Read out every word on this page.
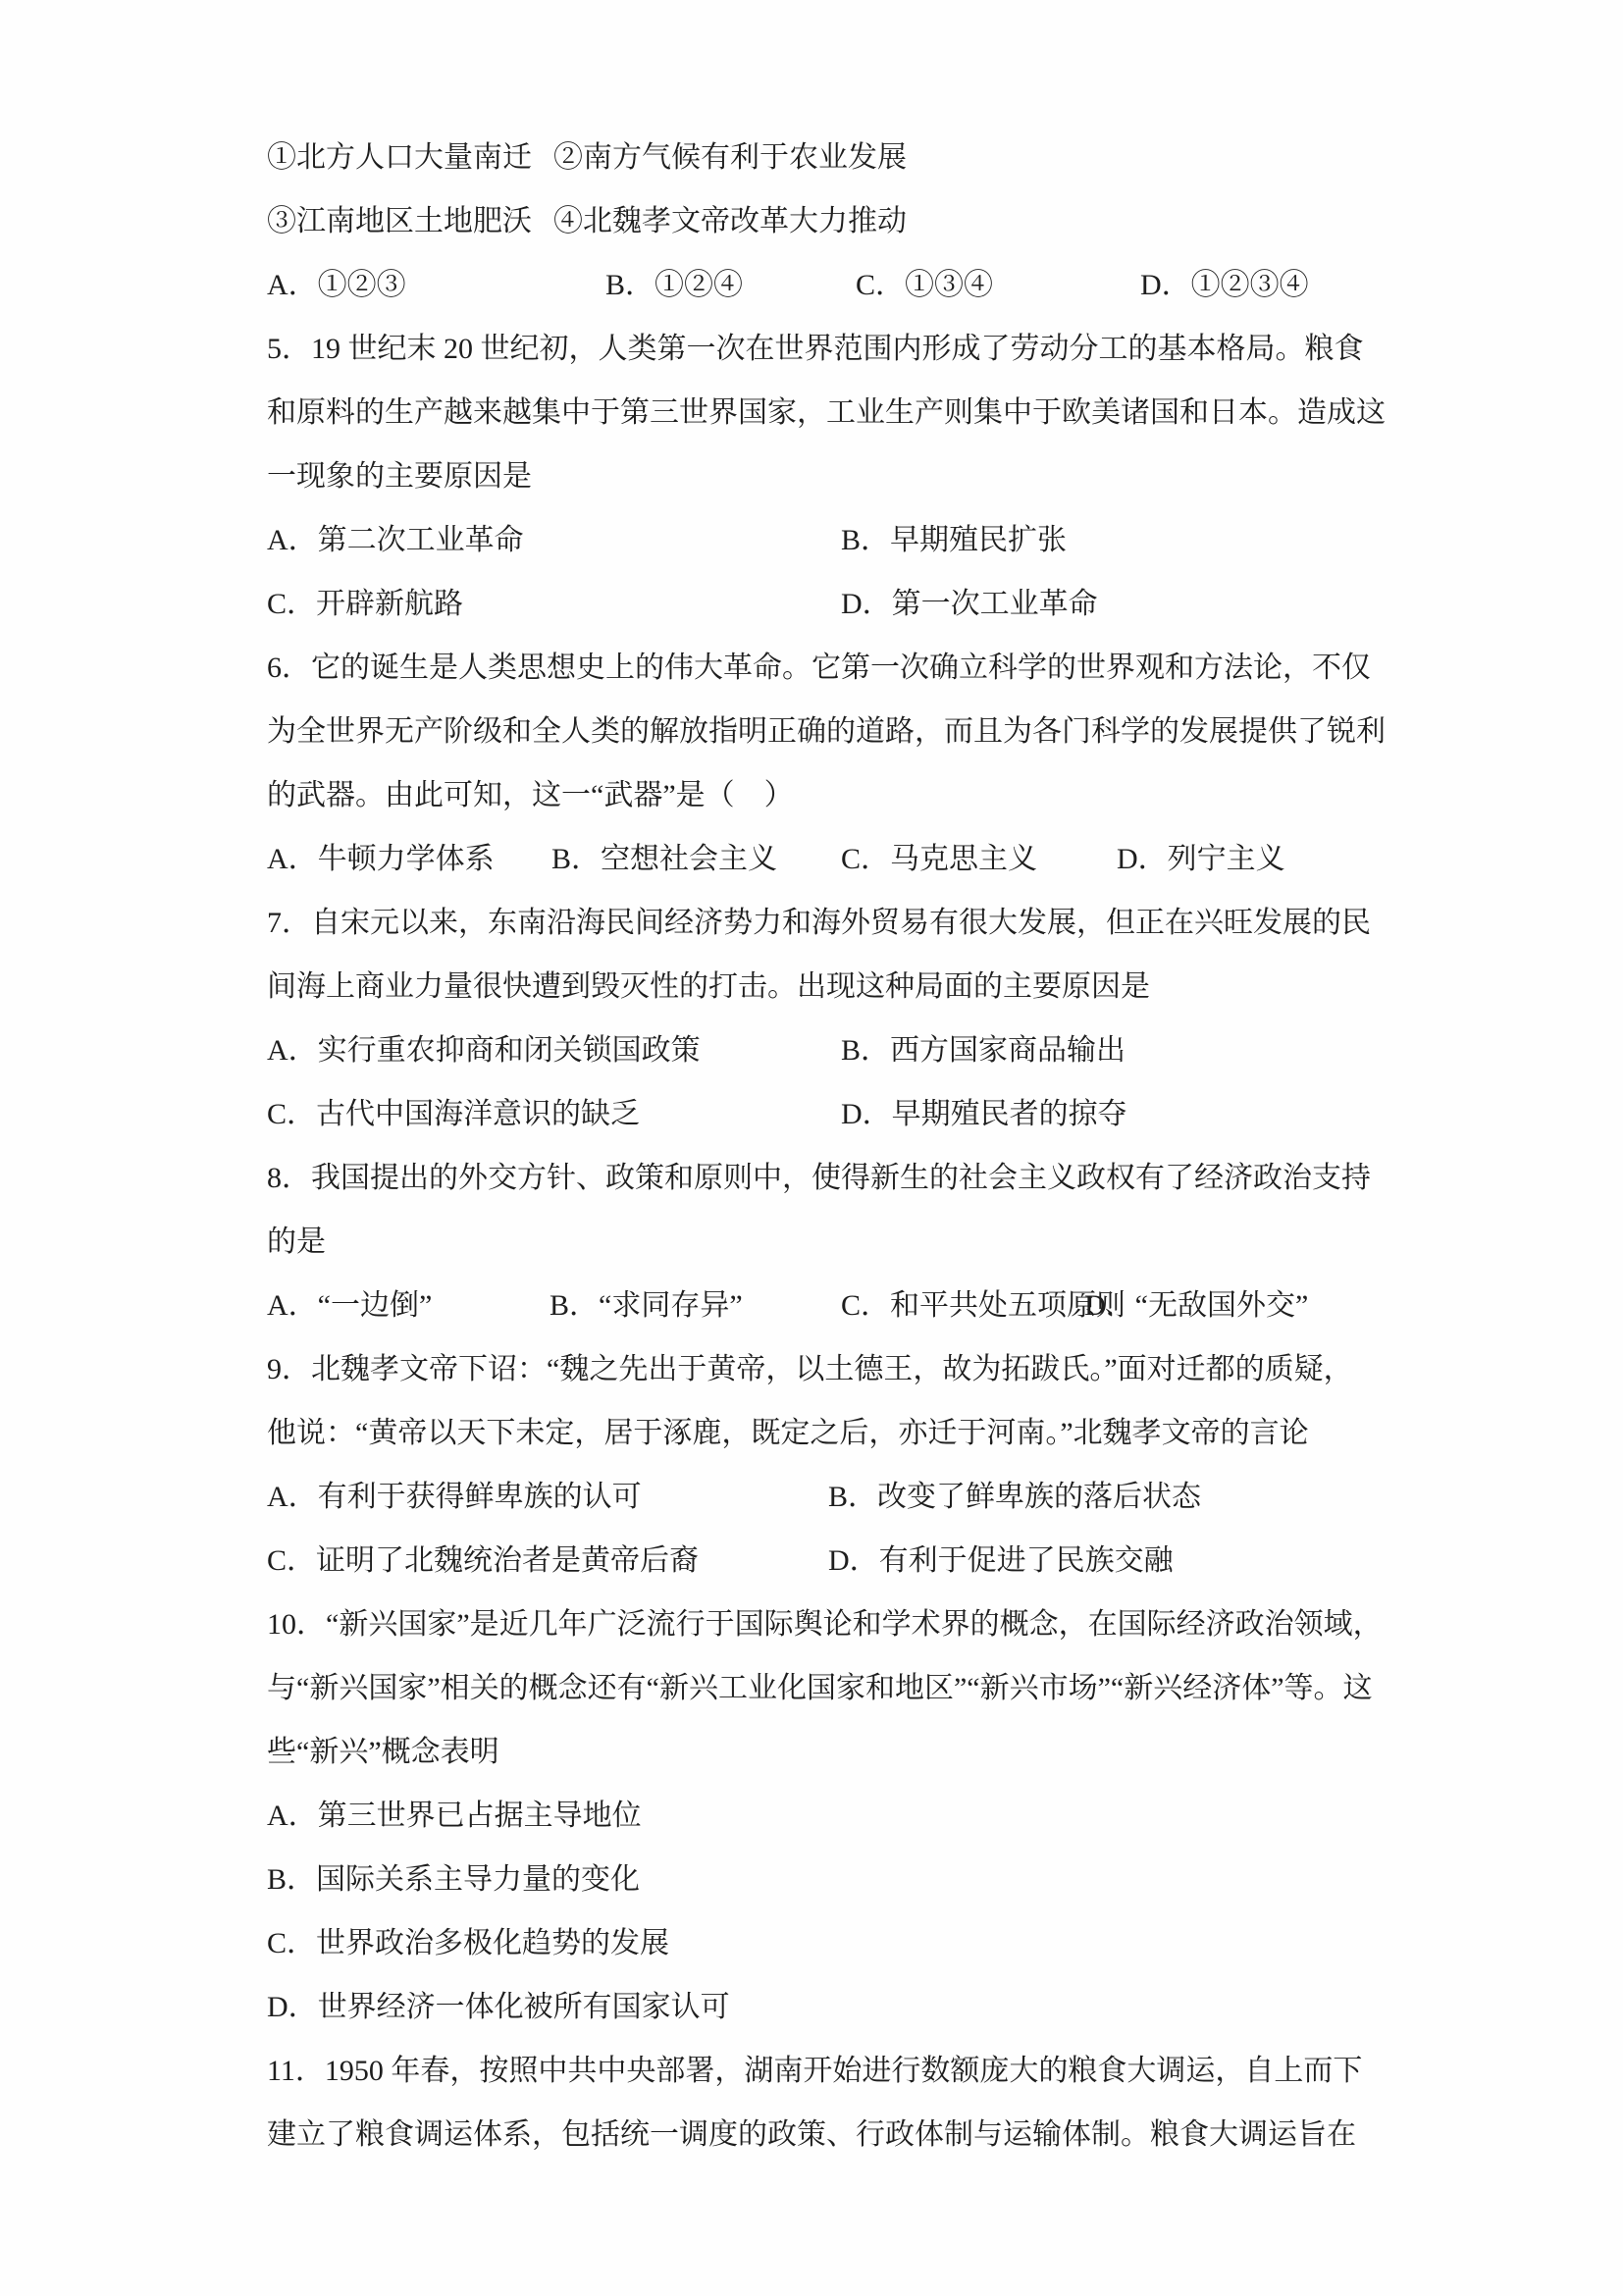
①北方人口大量南迁

②南方气候有利于农业发展

③江南地区土地肥沃

④北魏孝文帝改革大力推动

A．①②③

	B．①②④

	C．①③④

	D．①②③④

5．19 世纪末 20 世纪初，人类第一次在世界范围内形成了劳动分工的基本格局。粮食
和原料的生产越来越集中于第三世界国家，工业生产则集中于欧美诸国和日本。造成这
一现象的主要原因是

A．第二次工业革命

	B．早期殖民扩张

C．开辟新航路

	D．第一次工业革命

6．它的诞生是人类思想史上的伟大革命。它第一次确立科学的世界观和方法论，不仅
为全世界无产阶级和全人类的解放指明正确的道路，而且为各门科学的发展提供了锐利
的武器。由此可知，这一“武器”是（　）

A．牛顿力学体系

B．空想社会主义

C．马克思主义

	D．列宁主义

7．自宋元以来，东南沿海民间经济势力和海外贸易有很大发展，但正在兴旺发展的民
间海上商业力量很快遭到毁灭性的打击。出现这种局面的主要原因是

A．实行重农抑商和闭关锁国政策

	B．西方国家商品输出

C．古代中国海洋意识的缺乏

	D．早期殖民者的掠夺

8．我国提出的外交方针、政策和原则中，使得新生的社会主义政权有了经济政治支持
的是

A．“一边倒”

	B．“求同存异”

	C．和平共处五项原则

D．“无敌国外交”

9．北魏孝文帝下诏：“魏之先出于黄帝，以土德王，故为拓跋氏。”面对迁都的质疑，
他说：“黄帝以天下未定，居于涿鹿，既定之后，亦迁于河南。”北魏孝文帝的言论

A．有利于获得鲜卑族的认可

	B．改变了鲜卑族的落后状态

C．证明了北魏统治者是黄帝后裔

	D．有利于促进了民族交融

10．“新兴国家”是近几年广泛流行于国际舆论和学术界的概念，在国际经济政治领域，
与“新兴国家”相关的概念还有“新兴工业化国家和地区”“新兴市场”“新兴经济体”等。这
些“新兴”概念表明
A．第三世界已占据主导地位
B．国际关系主导力量的变化
C．世界政治多极化趋势的发展
D．世界经济一体化被所有国家认可
11．1950 年春，按照中共中央部署，湖南开始进行数额庞大的粮食大调运，自上而下
建立了粮食调运体系，包括统一调度的政策、行政体制与运输体制。粮食大调运旨在
